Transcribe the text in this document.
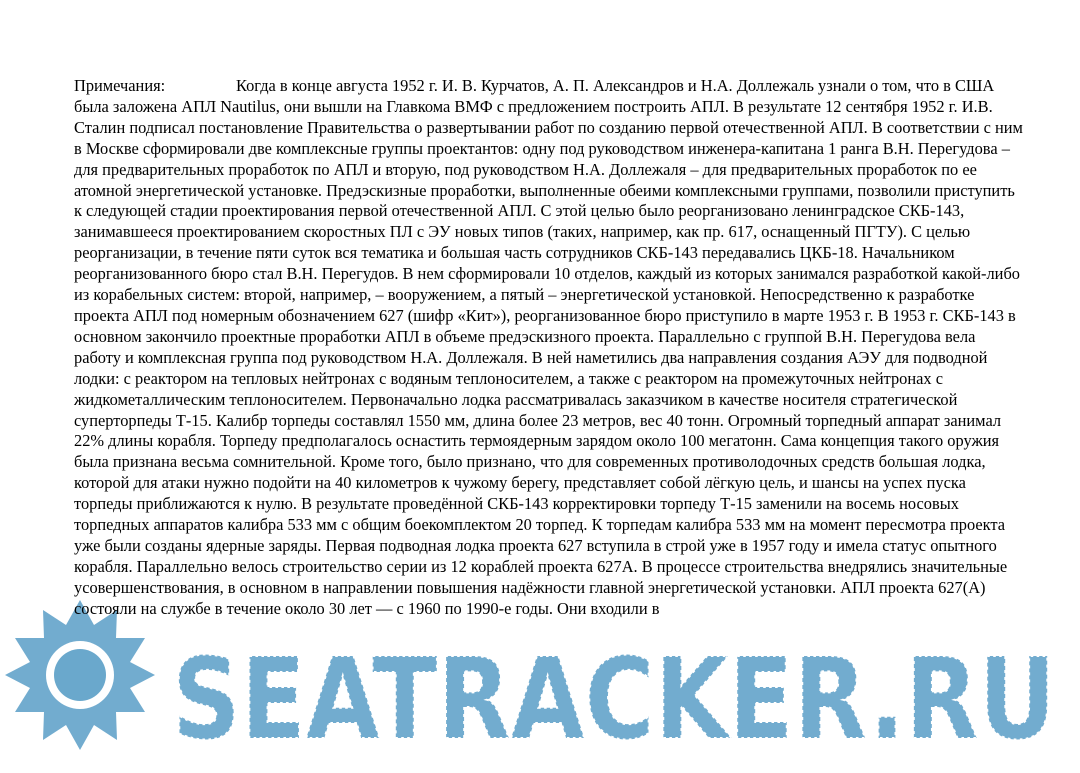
SEATRACKER.RU

Примечания:	Когда в конце августа 1952 г. И. В. Курчатов, А. П. Александров и Н.А. Доллежаль узнали о том, что в США была заложена АПЛ Nautilus, они вышли на Главкома ВМФ с предложением построить АПЛ. В результате 12 сентября 1952 г. И.В. Сталин подписал постановление Правительства о развертывании работ по созданию первой отечественной АПЛ. В соответствии с ним в Москве сформировали две комплексные группы проектантов: одну под руководством инженера-капитана 1 ранга В.Н. Перегудова – для предварительных проработок по АПЛ и вторую, под руководством Н.А. Доллежаля – для предварительных проработок по ее атомной энергетической установке. Предэскизные проработки, выполненные обеими комплексными группами, позволили приступить к следующей стадии проектирования первой отечественной АПЛ. С этой целью было реорганизовано ленинградское СКБ-143, занимавшееся проектированием скоростных ПЛ с ЭУ новых типов (таких, например, как пр. 617, оснащенный ПГТУ). С целью реорганизации, в течение пяти суток вся тематика и большая часть сотрудников СКБ-143 передавались ЦКБ-18. Начальником реорганизованного бюро стал В.Н. Перегудов. В нем сформировали 10 отделов, каждый из которых занимался разработкой какой-либо из корабельных систем: второй, например, – вооружением, а пятый – энергетической установкой. Непосредственно к разработке проекта АПЛ под номерным обозначением 627 (шифр «Кит»), реорганизованное бюро приступило в марте 1953 г. В 1953 г. СКБ-143 в основном закончило проектные проработки АПЛ в объеме предэскизного проекта. Параллельно с группой В.Н. Перегудова вела работу и комплексная группа под руководством Н.А. Доллежаля. В ней наметились два направления создания АЭУ для подводной лодки: с реактором на тепловых нейтронах с водяным теплоносителем, а также с реактором на промежуточных нейтронах с жидкометаллическим теплоносителем. Первоначально лодка рассматривалась заказчиком в качестве носителя стратегической суперторпеды Т-15. Калибр торпеды составлял 1550 мм, длина более 23 метров, вес 40 тонн. Огромный торпедный аппарат занимал 22% длины корабля. Торпеду предполагалось оснастить термоядерным зарядом около 100 мегатонн. Сама концепция такого оружия была признана весьма сомнительной. Кроме того, было признано, что для современных противолодочных средств большая лодка, которой для атаки нужно подойти на 40 километров к чужому берегу, представляет собой лёгкую цель, и шансы на успех пуска торпеды приближаются к нулю. В результате проведённой СКБ-143 корректировки торпеду Т-15 заменили на восемь носовых торпедных аппаратов калибра 533 мм с общим боекомплектом 20 торпед. К торпедам калибра 533 мм на момент пересмотра проекта уже были созданы ядерные заряды. Первая подводная лодка проекта 627 вступила в строй уже в 1957 году и имела статус опытного корабля. Параллельно велось строительство серии из 12 кораблей проекта 627А. В процессе строительства внедрялись значительные усовершенствования, в основном в направлении повышения надёжности главной энергетической установки. АПЛ проекта 627(А) состояли на службе в течение около 30 лет — с 1960 по 1990-е годы. Они входили в
